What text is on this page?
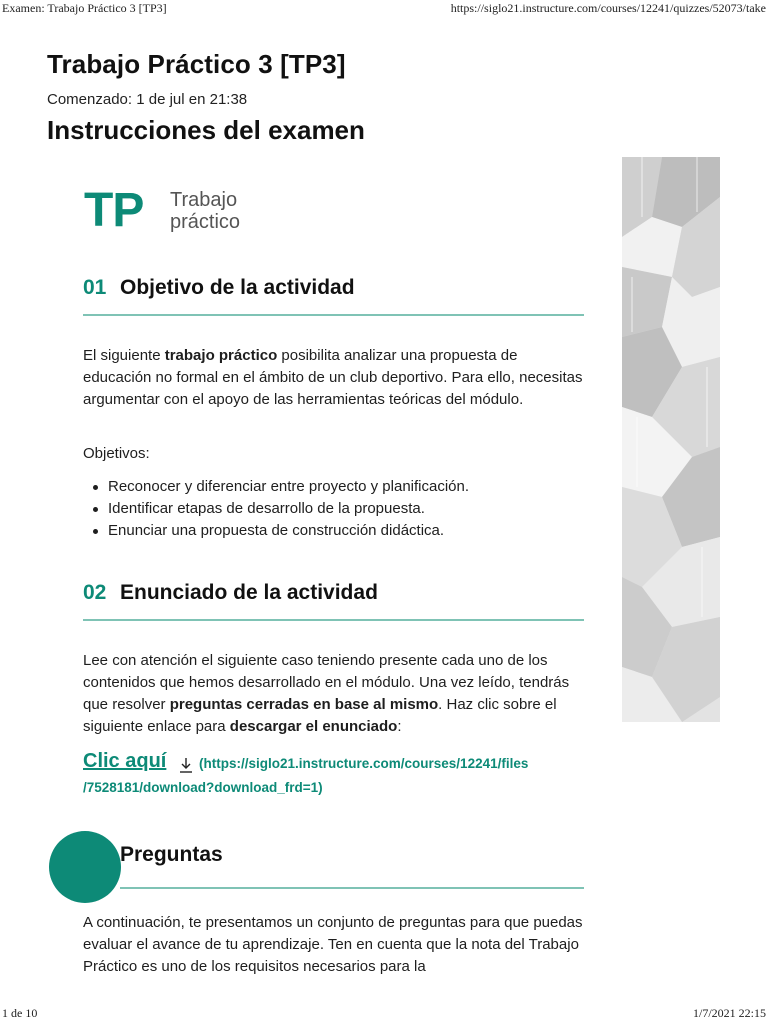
Examen: Trabajo Práctico 3 [TP3]	https://siglo21.instructure.com/courses/12241/quizzes/52073/take
Trabajo Práctico 3 [TP3]
Comenzado: 1 de jul en 21:38
Instrucciones del examen
TP Trabajo
práctico
01 Objetivo de la actividad

El siguiente trabajo práctico posibilita analizar una propuesta de educación no formal en el ámbito de un club deportivo. Para ello, necesitas argumentar con el apoyo de las herramientas teóricas del módulo.

Objetivos:

Reconocer y diferenciar entre proyecto y planificación.
Identificar etapas de desarrollo de la propuesta.
Enunciar una propuesta de construcción didáctica.
02 Enunciado de la actividad

Lee con atención el siguiente caso teniendo presente cada uno de los contenidos que hemos desarrollado en el módulo. Una vez leído, tendrás que resolver preguntas cerradas en base al mismo. Haz clic sobre el siguiente enlace para descargar el enunciado:

Clic aquí (https://siglo21.instructure.com/courses/12241/files
/7528181/download?download_frd=1)
Preguntas

A continuación, te presentamos un conjunto de preguntas para que puedas evaluar el avance de tu aprendizaje. Ten en cuenta que la nota del Trabajo Práctico es uno de los requisitos necesarios para la

1 de 10	1/7/2021 22:15
